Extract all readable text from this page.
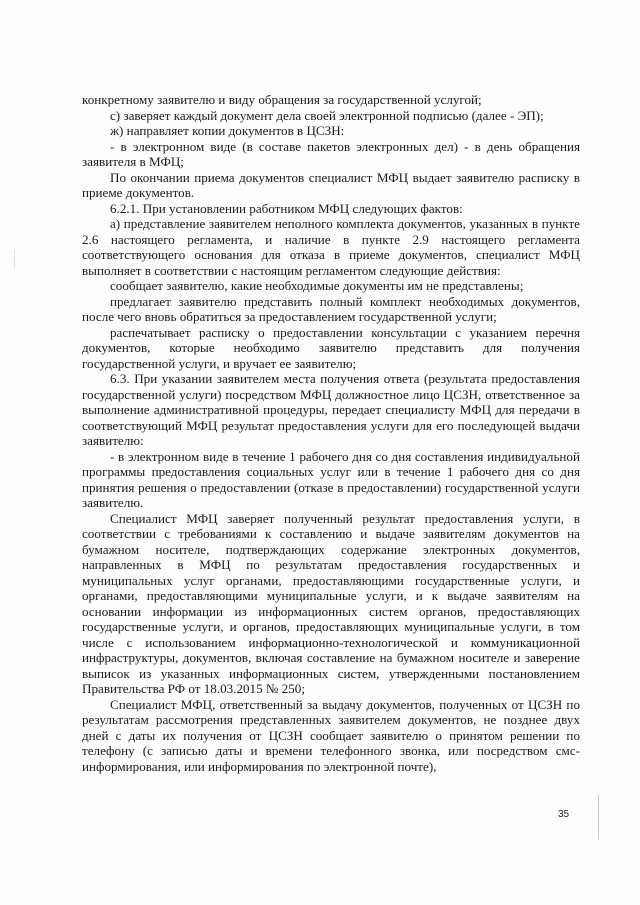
конкретному заявителю и виду обращения за государственной услугой;

с) заверяет каждый документ дела своей электронной подписью (далее - ЭП);

ж) направляет копии документов в ЦСЗН:

- в электронном виде (в составе пакетов электронных дел) - в день обращения заявителя в МФЦ;

По окончании приема документов специалист МФЦ выдает заявителю расписку в приеме документов.

6.2.1. При установлении работником МФЦ следующих фактов:

а) представление заявителем неполного комплекта документов, указанных в пункте 2.6 настоящего регламента, и наличие в пункте 2.9 настоящего регламента соответствующего основания для отказа в приеме документов, специалист МФЦ выполняет в соответствии с настоящим регламентом следующие действия:

сообщает заявителю, какие необходимые документы им не представлены;

предлагает заявителю представить полный комплект необходимых документов, после чего вновь обратиться за предоставлением государственной услуги;

распечатывает расписку о предоставлении консультации с указанием перечня документов, которые необходимо заявителю представить для получения государственной услуги, и вручает ее заявителю;

6.3. При указании заявителем места получения ответа (результата предоставления государственной услуги) посредством МФЦ должностное лицо ЦСЗН, ответственное за выполнение административной процедуры, передает специалисту МФЦ для передачи в соответствующий МФЦ результат предоставления услуги для его последующей выдачи заявителю:

- в электронном виде в течение 1 рабочего дня со дня составления индивидуальной программы предоставления социальных услуг или в течение 1 рабочего дня со дня принятия решения о предоставлении (отказе в предоставлении) государственной услуги заявителю.

Специалист МФЦ заверяет полученный результат предоставления услуги, в соответствии с требованиями к составлению и выдаче заявителям документов на бумажном носителе, подтверждающих содержание электронных документов, направленных в МФЦ по результатам предоставления государственных и муниципальных услуг органами, предоставляющими государственные услуги, и органами, предоставляющими муниципальные услуги, и к выдаче заявителям на основании информации из информационных систем органов, предоставляющих государственные услуги, и органов, предоставляющих муниципальные услуги, в том числе с использованием информационно-технологической и коммуникационной инфраструктуры, документов, включая составление на бумажном носителе и заверение выписок из указанных информационных систем, утвержденными постановлением Правительства РФ от 18.03.2015 № 250;

Специалист МФЦ, ответственный за выдачу документов, полученных от ЦСЗН по результатам рассмотрения представленных заявителем документов, не позднее двух дней с даты их получения от ЦСЗН сообщает заявителю о принятом решении по телефону (с записью даты и времени телефонного звонка, или посредством смс-информирования, или информирования по электронной почте),

35
